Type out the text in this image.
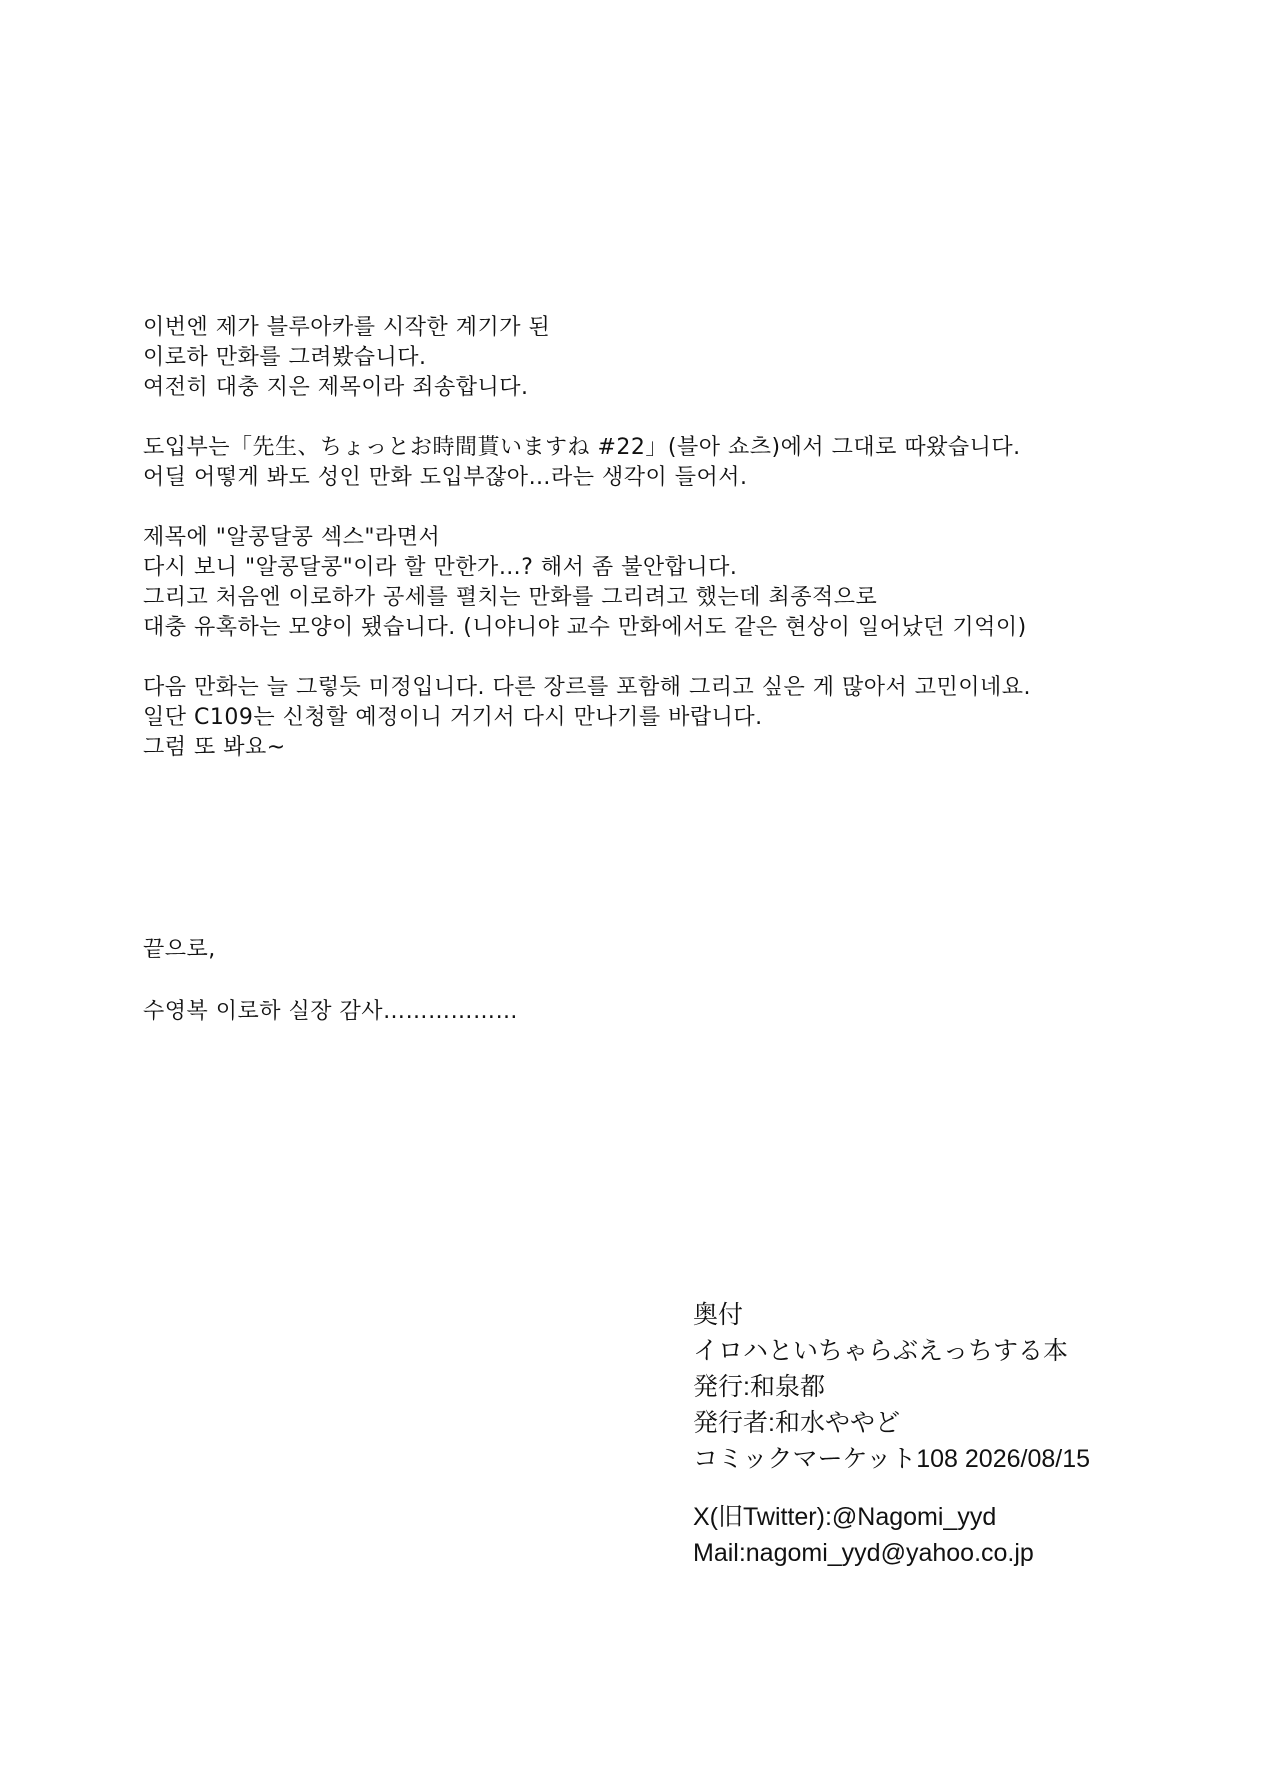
이번엔 제가 블루아카를 시작한 계기가 된
이로하 만화를 그려봤습니다.
여전히 대충 지은 제목이라 죄송합니다.
도입부는「先生、ちょっとお時間貰いますね #22」(블아 쇼츠)에서 그대로 따왔습니다.
어딜 어떻게 봐도 성인 만화 도입부잖아…라는 생각이 들어서.
제목에 "알콩달콩 섹스"라면서
다시 보니 "알콩달콩"이라 할 만한가…? 해서 좀 불안합니다.
그리고 처음엔 이로하가 공세를 펼치는 만화를 그리려고 했는데 최종적으로
대충 유혹하는 모양이 됐습니다. (니야니야 교수 만화에서도 같은 현상이 일어났던 기억이)
다음 만화는 늘 그렇듯 미정입니다. 다른 장르를 포함해 그리고 싶은 게 많아서 고민이네요.
일단 C109는 신청할 예정이니 거기서 다시 만나기를 바랍니다.
그럼 또 봐요~
끝으로,
수영복 이로하 실장 감사………………
奥付
イロハといちゃらぶえっちする本
発行:和泉都
発行者:和水ややど
コミックマーケット108 2026/08/15
X(旧Twitter):@Nagomi_yyd
Mail:nagomi_yyd@yahoo.co.jp
